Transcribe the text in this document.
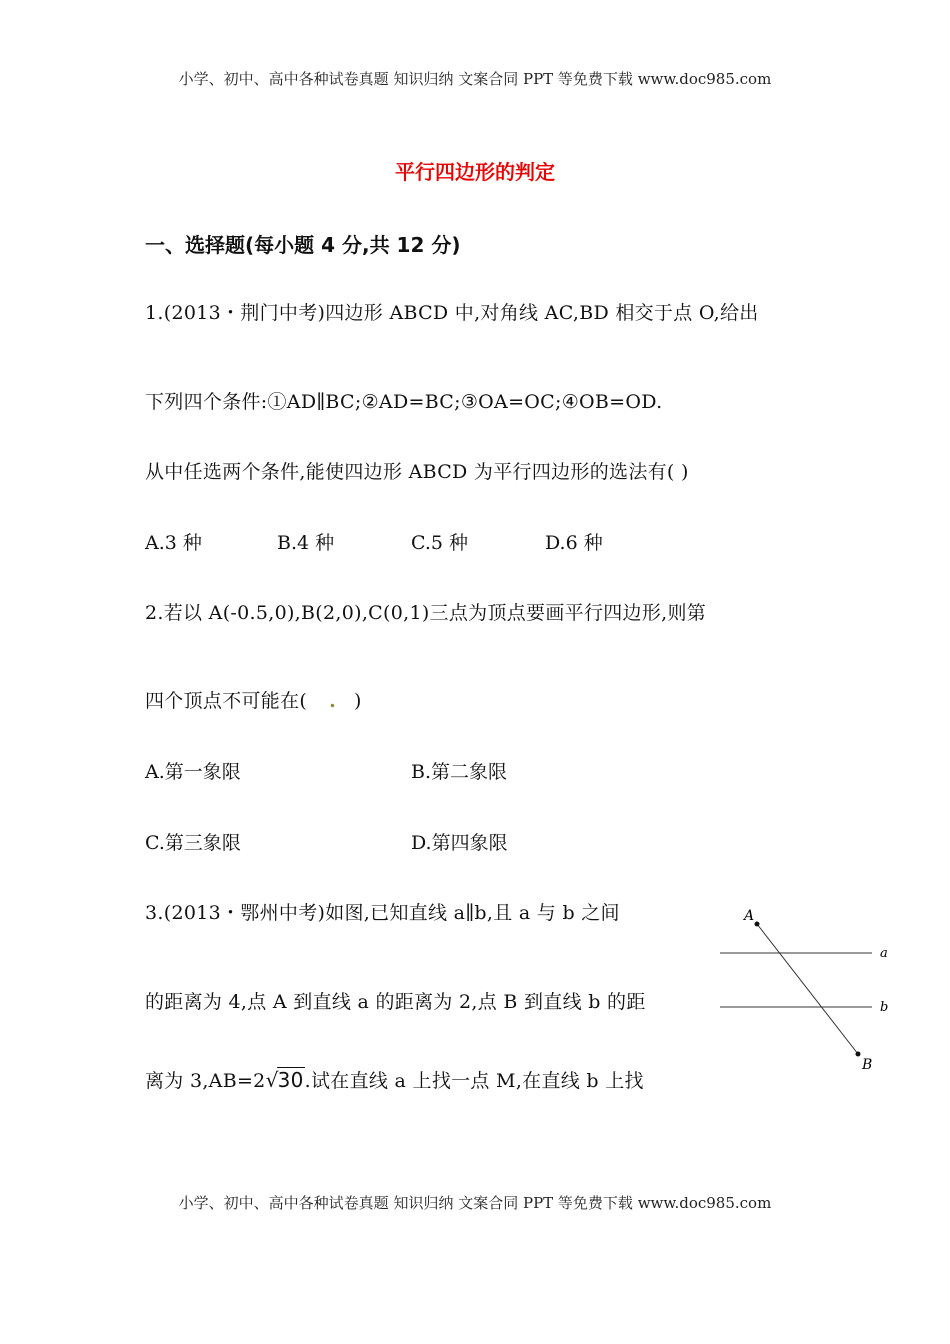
小学、初中、高中各种试卷真题 知识归纳 文案合同 PPT 等免费下载 www.doc985.com
平行四边形的判定
一、选择题(每小题 4 分,共 12 分)
1.(2013・荆门中考)四边形 ABCD 中,对角线 AC,BD 相交于点 O,给出
下列四个条件:①AD∥BC;②AD=BC;③OA=OC;④OB=OD.
从中任选两个条件,能使四边形 ABCD 为平行四边形的选法有( )
A.3 种	B.4 种	C.5 种	D.6 种
2.若以 A(-0.5,0),B(2,0),C(0,1)三点为顶点要画平行四边形,则第
四个顶点不可能在( . )
A.第一象限	B.第二象限
C.第三象限	D.第四象限
3.(2013・鄂州中考)如图,已知直线 a∥b,且 a 与 b 之间
的距离为 4,点 A 到直线 a 的距离为 2,点 B 到直线 b 的距
离为 3,AB=2√30.试在直线 a 上找一点 M,在直线 b 上找
A
B
a
b
小学、初中、高中各种试卷真题 知识归纳 文案合同 PPT 等免费下载 www.doc985.com
